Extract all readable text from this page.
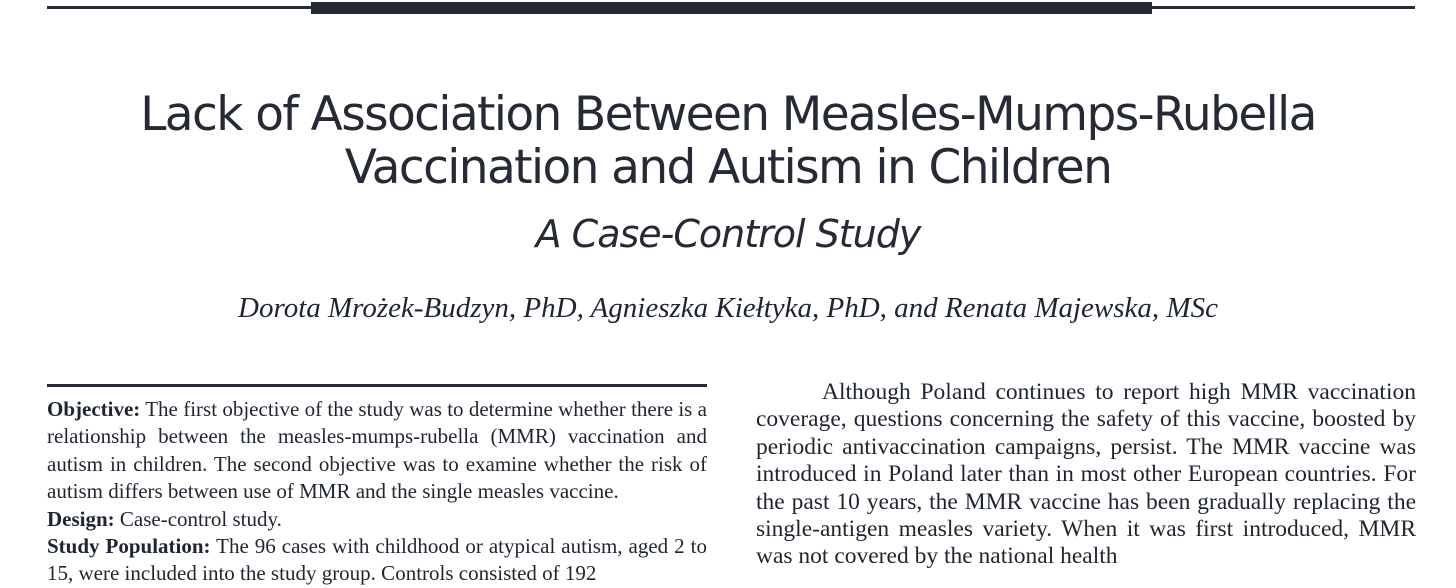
Lack of Association Between Measles-Mumps-Rubella
Vaccination and Autism in Children
A Case-Control Study
Dorota Mrożek-Budzyn, PhD, Agnieszka Kiełtyka, PhD, and Renata Majewska, MSc

Objective: The first objective of the study was to determine whether there is a relationship between the measles-mumps-rubella (MMR) vaccination and autism in children. The second objective was to examine whether the risk of autism differs between use of MMR and the single measles vaccine.

Design: Case-control study.

Study Population: The 96 cases with childhood or atypical autism, aged 2 to 15, were included into the study group. Controls consisted of 192

Although Poland continues to report high MMR vaccination coverage, questions concerning the safety of this vaccine, boosted by periodic antivaccination campaigns, persist. The MMR vaccine was introduced in Poland later than in most other European countries. For the past 10 years, the MMR vaccine has been gradually replacing the single-antigen measles variety. When it was first introduced, MMR was not covered by the national health
